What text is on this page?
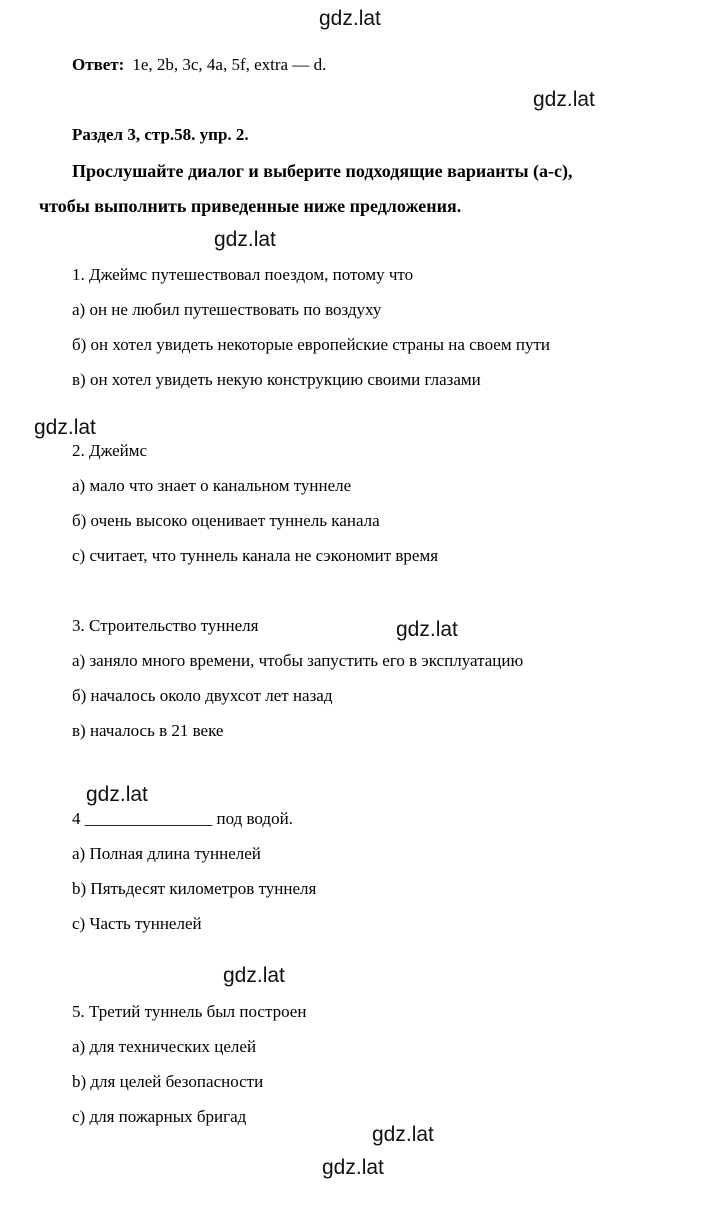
gdz.lat
gdz.lat
gdz.lat
gdz.lat
gdz.lat
gdz.lat
gdz.lat
gdz.lat
gdz.lat
Ответ: 1e, 2b, 3c, 4a, 5f, extra — d.
Раздел 3, стр.58. упр. 2.
Прослушайте диалог и выберите подходящие варианты (a-c),
чтобы выполнить приведенные ниже предложения.
1. Джеймс путешествовал поездом, потому что
а) он не любил путешествовать по воздуху
б) он хотел увидеть некоторые европейские страны на своем пути
в) он хотел увидеть некую конструкцию своими глазами
2. Джеймс
а) мало что знает о канальном туннеле
б) очень высоко оценивает туннель канала
с) считает, что туннель канала не сэкономит время
3. Строительство туннеля
а) заняло много времени, чтобы запустить его в эксплуатацию
б) началось около двухсот лет назад
в) началось в 21 веке
4 _______________ под водой.
а) Полная длина туннелей
b) Пятьдесят километров туннеля
с) Часть туннелей
5. Третий туннель был построен
а) для технических целей
b) для целей безопасности
с) для пожарных бригад
